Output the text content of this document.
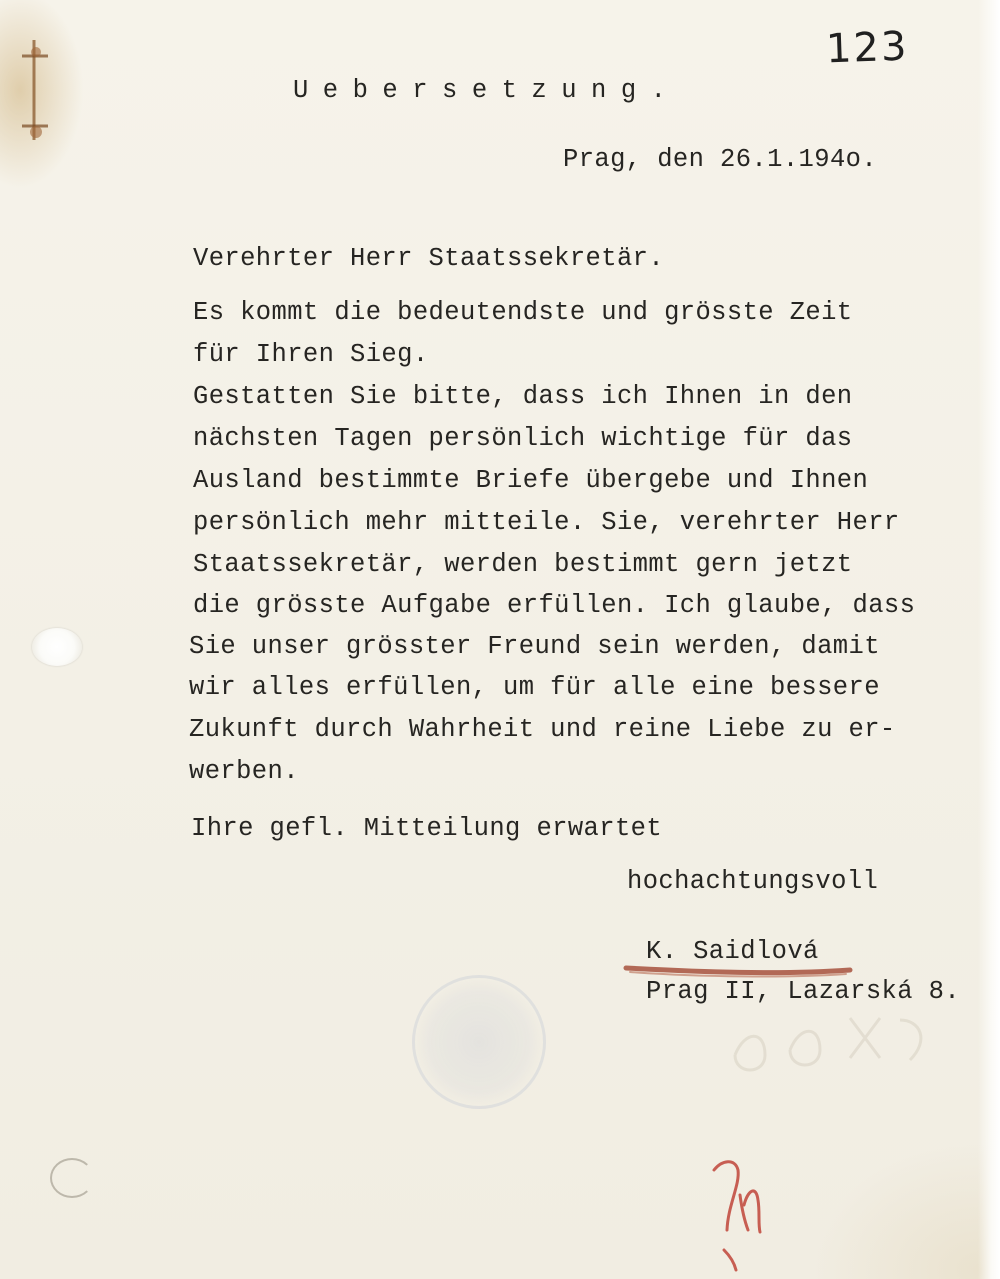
123
Uebersetzung.
Prag, den 26.1.194o.
Verehrter Herr Staatssekretär.
Es kommt die bedeutendste und grösste Zeit
für Ihren Sieg.
Gestatten Sie bitte, dass ich Ihnen in den
nächsten Tagen persönlich wichtige für das
Ausland bestimmte Briefe übergebe und Ihnen
persönlich mehr mitteile. Sie, verehrter Herr
Staatssekretär, werden bestimmt gern jetzt
die grösste Aufgabe erfüllen. Ich glaube, dass
Sie unser grösster Freund sein werden, damit
wir alles erfüllen, um für alle eine bessere
Zukunft durch Wahrheit und reine Liebe zu er-
werben.
Ihre gefl. Mitteilung erwartet
hochachtungsvoll
K. Saidlová
Prag II, Lazarská 8.
